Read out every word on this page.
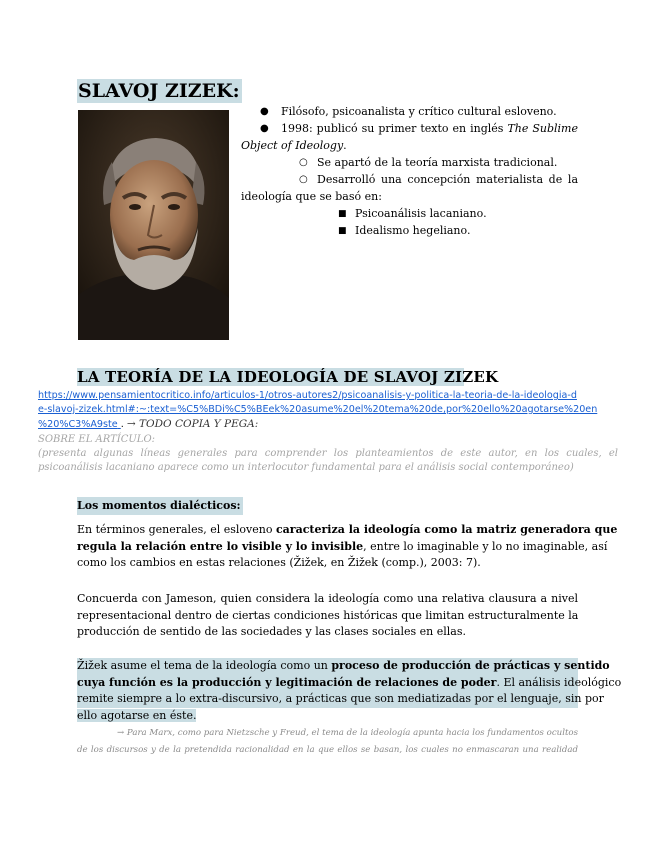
SLAVOJ ZIZEK:
● Filósofo, psicoanalista y crítico cultural esloveno.
● 1998: publicó su primer texto en inglés The Sublime
Object of Ideology.
○ Se apartó de la teoría marxista tradicional.
○ Desarrolló una concepción materialista de la
ideología que se basó en:
■ Psicoanálisis lacaniano.
■ Idealismo hegeliano.
LA TEORÍA DE LA IDEOLOGÍA DE SLAVOJ ZIZEK
https://www.pensamientocritico.info/articulos-1/otros-autores2/psicoanalisis-y-politica-la-teoria-de-la-ideologia-d
e-slavoj-zizek.html#:~:text=%C5%BDi%C5%BEek%20asume%20el%20tema%20de,por%20ello%20agotarse%20en
%20%C3%A9ste . → TODO COPIA Y PEGA:

SOBRE EL ARTÍCULO:

(presenta algunas líneas generales para comprender los planteamientos de este autor, en los cuales, el

psicoanálisis lacaniano aparece como un interlocutor fundamental para el análisis social contemporáneo)

Los momentos dialécticos:
En términos generales, el esloveno caracteriza la ideología como la matriz generadora que
regula la relación entre lo visible y lo invisible, entre lo imaginable y lo no imaginable, así
como los cambios en estas relaciones (Žižek, en Žižek (comp.), 2003: 7).
Concuerda con Jameson, quien considera la ideología como una relativa clausura a nivel
representacional dentro de ciertas condiciones históricas que limitan estructuralmente la
producción de sentido de las sociedades y las clases sociales en ellas.
Žižek asume el tema de la ideología como un proceso de producción de prácticas y sentido
cuya función es la producción y legitimación de relaciones de poder. El análisis ideológico
remite siempre a lo extra-discursivo, a prácticas que son mediatizadas por el lenguaje, sin por
ello agotarse en éste.
→ Para Marx, como para Nietzsche y Freud, el tema de la ideología apunta hacia los fundamentos ocultos
de los discursos y de la pretendida racionalidad en la que ellos se basan, los cuales no enmascaran una realidad
